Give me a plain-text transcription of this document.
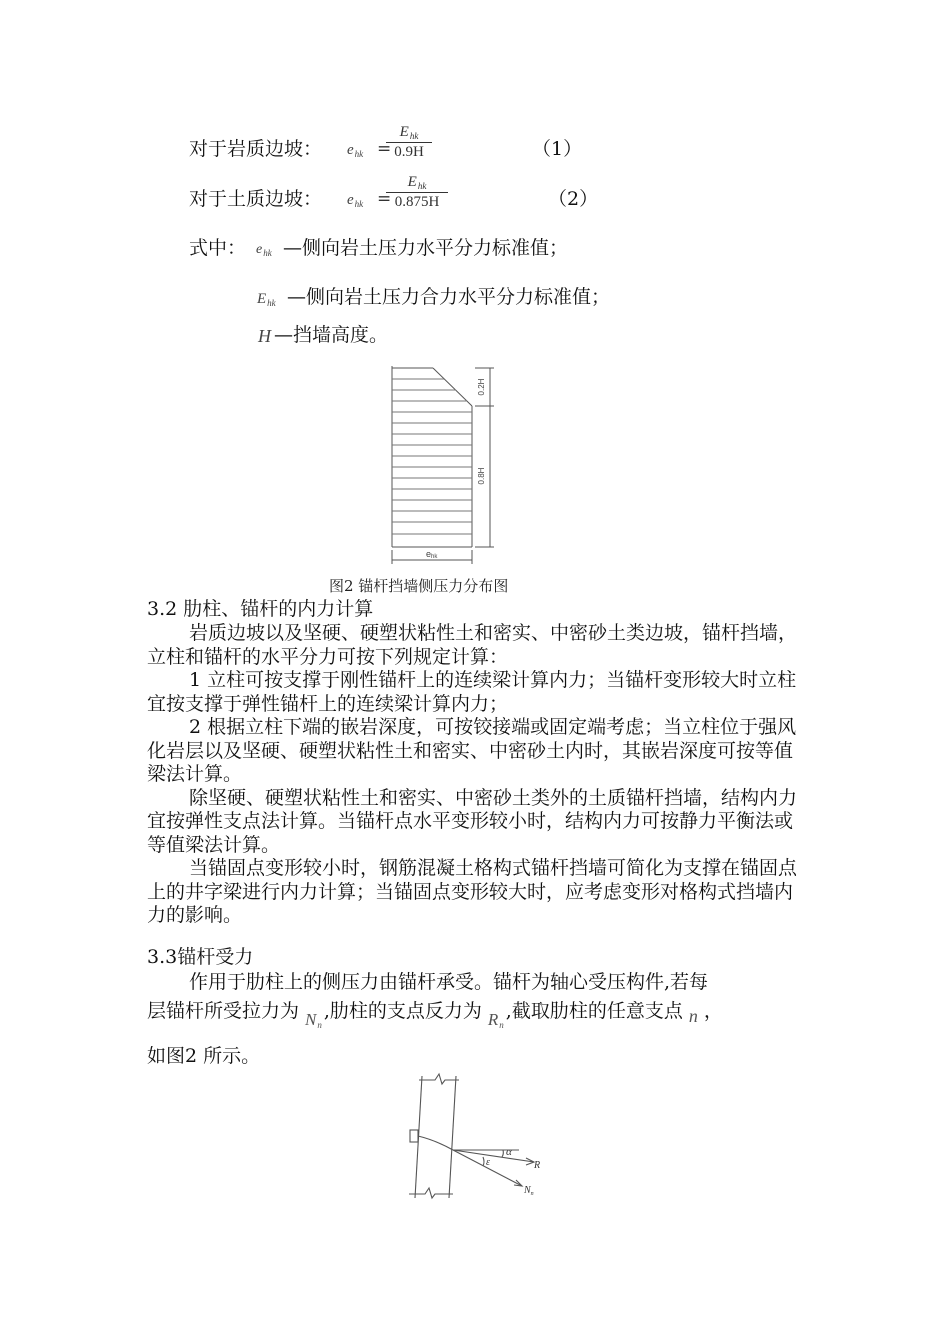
对于岩质边坡： $e_{hk}$ =
$E_{hk}$
0.9H	（1）
对于土质边坡： $e_{hk}$ =
$E_{hk}$
0.875H	（2）
式中： $e_{hk}$ —侧向岩土压力水平分力标准值；
$E_{hk}$ —侧向岩土压力合力水平分力标准值；
H —挡墙高度。
0.2H
0.8H
ehk
图2 锚杆挡墙侧压力分布图
3.2 肋柱、锚杆的内力计算

岩质边坡以及坚硬、硬塑状粘性土和密实、中密砂土类边坡，锚杆挡墙，立柱和锚杆的水平分力可按下列规定计算：

1 立柱可按支撑于刚性锚杆上的连续梁计算内力；当锚杆变形较大时立柱宜按支撑于弹性锚杆上的连续梁计算内力；

2 根据立柱下端的嵌岩深度，可按铰接端或固定端考虑；当立柱位于强风化岩层以及坚硬、硬塑状粘性土和密实、中密砂土内时，其嵌岩深度可按等值梁法计算。

除坚硬、硬塑状粘性土和密实、中密砂土类外的土质锚杆挡墙，结构内力宜按弹性支点法计算。当锚杆点水平变形较小时，结构内力可按静力平衡法或等值梁法计算。

当锚固点变形较小时，钢筋混凝土格构式锚杆挡墙可简化为支撑在锚固点上的井字梁进行内力计算；当锚固点变形较大时，应考虑变形对格构式挡墙内力的影响。

3.3锚杆受力
作用于肋柱上的侧压力由锚杆承受。锚杆为轴心受压构件,若每
层锚杆所受拉力为 $N_n$,肋柱的支点反力为 $R_n$,截取肋柱的任意支点 n ，
如图2 所示。
α
ε	R
$N_n$
